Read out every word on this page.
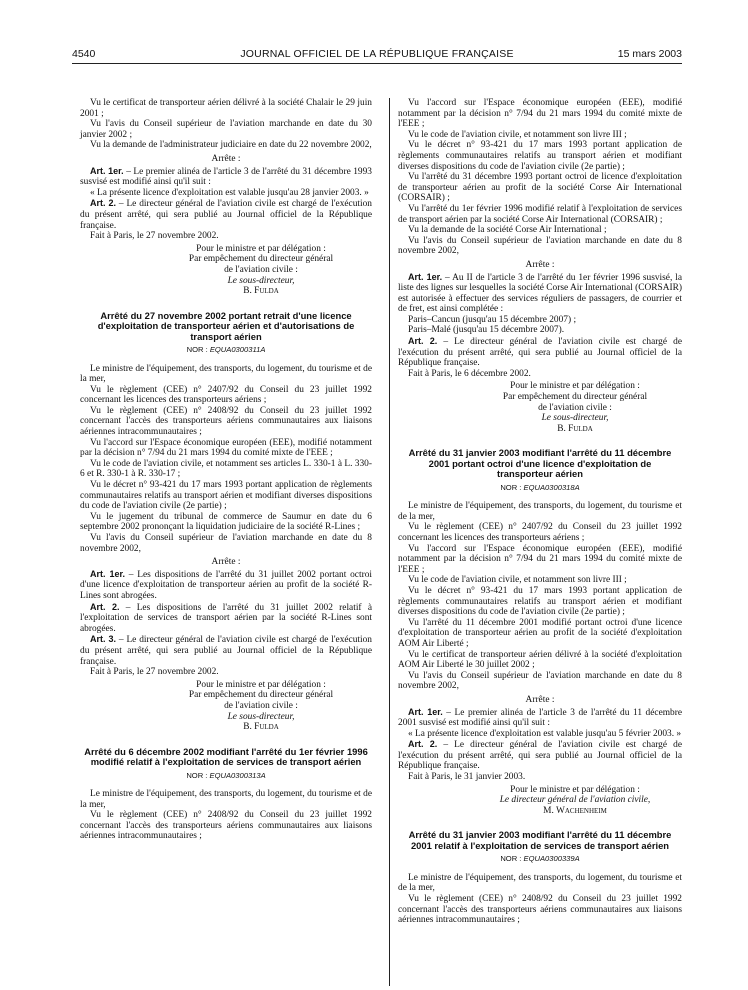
4540	JOURNAL OFFICIEL DE LA RÉPUBLIQUE FRANÇAISE	15 mars 2003

Vu le certificat de transporteur aérien délivré à la société Chalair le 29 juin 2001 ;

Vu l'avis du Conseil supérieur de l'aviation marchande en date du 30 janvier 2002 ;

Vu la demande de l'administrateur judiciaire en date du 22 novembre 2002,

Arrête :

Art. 1er. – Le premier alinéa de l'article 3 de l'arrêté du 31 décembre 1993 susvisé est modifié ainsi qu'il suit :

« La présente licence d'exploitation est valable jusqu'au 28 janvier 2003. »

Art. 2. – Le directeur général de l'aviation civile est chargé de l'exécution du présent arrêté, qui sera publié au Journal officiel de la République française.

Fait à Paris, le 27 novembre 2002.

Pour le ministre et par délégation :
Par empêchement du directeur général
de l'aviation civile :
Le sous-directeur,
B. Fulda
Arrêté du 27 novembre 2002 portant retrait d'une licence d'exploitation de transporteur aérien et d'autorisations de transport aérien
NOR : EQUA0300311A

Le ministre de l'équipement, des transports, du logement, du tourisme et de la mer,

Vu le règlement (CEE) n° 2407/92 du Conseil du 23 juillet 1992 concernant les licences des transporteurs aériens ;

Vu le règlement (CEE) n° 2408/92 du Conseil du 23 juillet 1992 concernant l'accès des transporteurs aériens communautaires aux liaisons aériennes intracommunautaires ;

Vu l'accord sur l'Espace économique européen (EEE), modifié notamment par la décision n° 7/94 du 21 mars 1994 du comité mixte de l'EEE ;

Vu le code de l'aviation civile, et notamment ses articles L. 330-1 à L. 330-6 et R. 330-1 à R. 330-17 ;

Vu le décret n° 93-421 du 17 mars 1993 portant application de règlements communautaires relatifs au transport aérien et modifiant diverses dispositions du code de l'aviation civile (2e partie) ;

Vu le jugement du tribunal de commerce de Saumur en date du 6 septembre 2002 prononçant la liquidation judiciaire de la société R-Lines ;

Vu l'avis du Conseil supérieur de l'aviation marchande en date du 8 novembre 2002,

Arrête :

Art. 1er. – Les dispositions de l'arrêté du 31 juillet 2002 portant octroi d'une licence d'exploitation de transporteur aérien au profit de la société R-Lines sont abrogées.

Art. 2. – Les dispositions de l'arrêté du 31 juillet 2002 relatif à l'exploitation de services de transport aérien par la société R-Lines sont abrogées.

Art. 3. – Le directeur général de l'aviation civile est chargé de l'exécution du présent arrêté, qui sera publié au Journal officiel de la République française.

Fait à Paris, le 27 novembre 2002.

Pour le ministre et par délégation :
Par empêchement du directeur général
de l'aviation civile :
Le sous-directeur,
B. Fulda
Arrêté du 6 décembre 2002 modifiant l'arrêté du 1er février 1996 modifié relatif à l'exploitation de services de transport aérien
NOR : EQUA0300313A

Le ministre de l'équipement, des transports, du logement, du tourisme et de la mer,

Vu le règlement (CEE) n° 2408/92 du Conseil du 23 juillet 1992 concernant l'accès des transporteurs aériens communautaires aux liaisons aériennes intracommunautaires ;

Vu l'accord sur l'Espace économique européen (EEE), modifié notamment par la décision n° 7/94 du 21 mars 1994 du comité mixte de l'EEE ;

Vu le code de l'aviation civile, et notamment son livre III ;

Vu le décret n° 93-421 du 17 mars 1993 portant application de règlements communautaires relatifs au transport aérien et modifiant diverses dispositions du code de l'aviation civile (2e partie) ;

Vu l'arrêté du 31 décembre 1993 portant octroi de licence d'exploitation de transporteur aérien au profit de la société Corse Air International (CORSAIR) ;

Vu l'arrêté du 1er février 1996 modifié relatif à l'exploitation de services de transport aérien par la société Corse Air International (CORSAIR) ;

Vu la demande de la société Corse Air International ;

Vu l'avis du Conseil supérieur de l'aviation marchande en date du 8 novembre 2002,

Arrête :

Art. 1er. – Au II de l'article 3 de l'arrêté du 1er février 1996 susvisé, la liste des lignes sur lesquelles la société Corse Air International (CORSAIR) est autorisée à effectuer des services réguliers de passagers, de courrier et de fret, est ainsi complétée :

Paris–Cancun (jusqu'au 15 décembre 2007) ;

Paris–Malé (jusqu'au 15 décembre 2007).

Art. 2. – Le directeur général de l'aviation civile est chargé de l'exécution du présent arrêté, qui sera publié au Journal officiel de la République française.

Fait à Paris, le 6 décembre 2002.

Pour le ministre et par délégation :
Par empêchement du directeur général
de l'aviation civile :
Le sous-directeur,
B. Fulda
Arrêté du 31 janvier 2003 modifiant l'arrêté du 11 décembre 2001 portant octroi d'une licence d'exploitation de transporteur aérien
NOR : EQUA0300318A

Le ministre de l'équipement, des transports, du logement, du tourisme et de la mer,

Vu le règlement (CEE) n° 2407/92 du Conseil du 23 juillet 1992 concernant les licences des transporteurs aériens ;

Vu l'accord sur l'Espace économique européen (EEE), modifié notamment par la décision n° 7/94 du 21 mars 1994 du comité mixte de l'EEE ;

Vu le code de l'aviation civile, et notamment son livre III ;

Vu le décret n° 93-421 du 17 mars 1993 portant application de règlements communautaires relatifs au transport aérien et modifiant diverses dispositions du code de l'aviation civile (2e partie) ;

Vu l'arrêté du 11 décembre 2001 modifié portant octroi d'une licence d'exploitation de transporteur aérien au profit de la société d'exploitation AOM Air Liberté ;

Vu le certificat de transporteur aérien délivré à la société d'exploitation AOM Air Liberté le 30 juillet 2002 ;

Vu l'avis du Conseil supérieur de l'aviation marchande en date du 8 novembre 2002,

Arrête :

Art. 1er. – Le premier alinéa de l'article 3 de l'arrêté du 11 décembre 2001 susvisé est modifié ainsi qu'il suit :

« La présente licence d'exploitation est valable jusqu'au 5 février 2003. »

Art. 2. – Le directeur général de l'aviation civile est chargé de l'exécution du présent arrêté, qui sera publié au Journal officiel de la République française.

Fait à Paris, le 31 janvier 2003.

Pour le ministre et par délégation :
Le directeur général de l'aviation civile,
M. Wachenheim
Arrêté du 31 janvier 2003 modifiant l'arrêté du 11 décembre 2001 relatif à l'exploitation de services de transport aérien
NOR : EQUA0300339A

Le ministre de l'équipement, des transports, du logement, du tourisme et de la mer,

Vu le règlement (CEE) n° 2408/92 du Conseil du 23 juillet 1992 concernant l'accès des transporteurs aériens communautaires aux liaisons aériennes intracommunautaires ;
